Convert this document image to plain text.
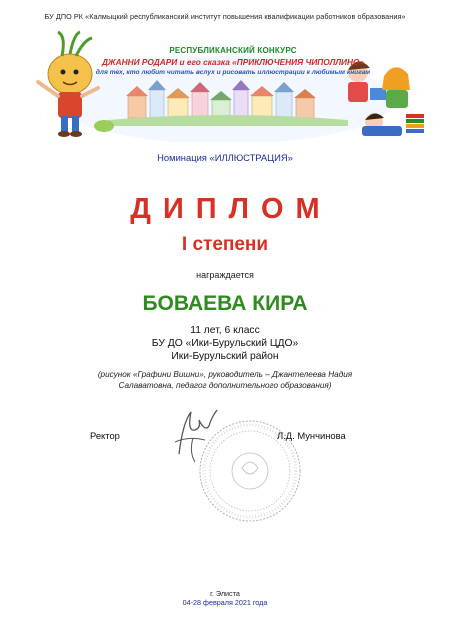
БУ ДПО РК «Калмыцкий республиканский институт повышения квалификации работников образования»
РЕСПУБЛИКАНСКИЙ КОНКУРС
ДЖАННИ РОДАРИ и его сказка «ПРИКЛЮЧЕНИЯ ЧИПОЛЛИНО»
для тех, кто любит читать вслух и рисовать иллюстрации к любимым книгам
Номинация «ИЛЛЮСТРАЦИЯ»
ДИПЛОМ
I степени
награждается
БОВАЕВА КИРА
11 лет, 6 класс
БУ ДО «Ики-Бурульский ЦДО»
Ики-Бурульский район
(рисунок «Графини Вишни», руководитель – Джантелеева Надия Салаватовна, педагог дополнительного образования)
Ректор	Л.Д. Мунчинова
г. Элиста
04-28 февраля 2021 года
